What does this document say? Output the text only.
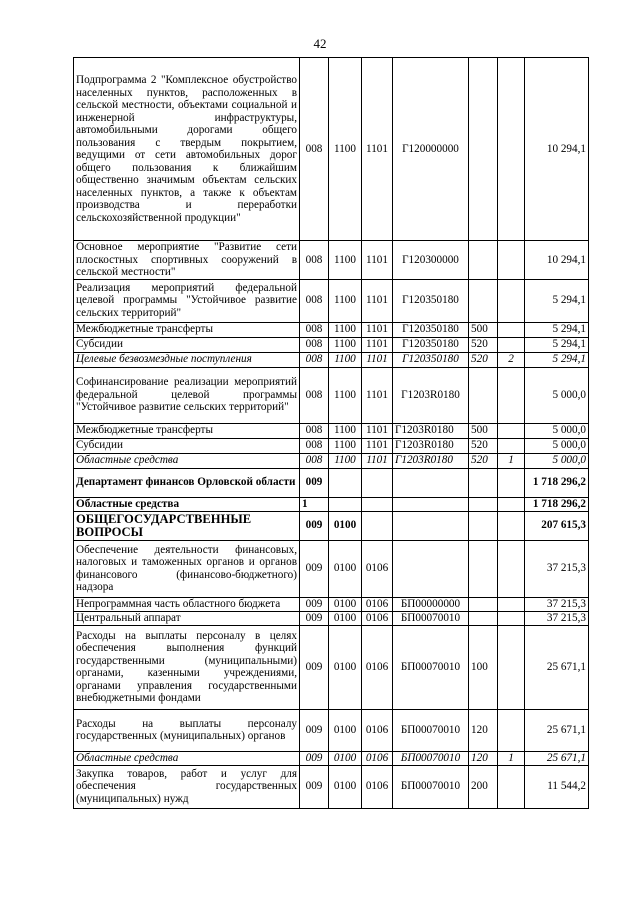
42
Подпрограмма 2 "Комплексное обустройство населенных пунктов, расположенных в сельской местности, объектами социальной и инженерной инфраструктуры, автомобильными дорогами общего пользования с твердым покрытием, ведущими от сети автомобильных дорог общего пользования к ближайшим общественно значимым объектам сельских населенных пунктов, а также к объектам производства и переработки сельскохозяйственной продукции"	008	1100	1101	Г120000000			10 294,1
Основное мероприятие "Развитие сети плоскостных спортивных сооружений в сельской местности"	008	1100	1101	Г120300000			10 294,1
Реализация мероприятий федеральной целевой программы "Устойчивое развитие сельских территорий"	008	1100	1101	Г120350180			5 294,1
Межбюджетные трансферты	008	1100	1101	Г120350180	500		5 294,1
Субсидии	008	1100	1101	Г120350180	520		5 294,1
Целевые безвозмездные поступления	008	1100	1101	Г120350180	520	2	5 294,1
Софинансирование реализации мероприятий федеральной целевой программы "Устойчивое развитие сельских территорий"	008	1100	1101	Г1203R0180			5 000,0
Межбюджетные трансферты	008	1100	1101	Г1203R0180	500		5 000,0
Субсидии	008	1100	1101	Г1203R0180	520		5 000,0
Областные средства	008	1100	1101	Г1203R0180	520	1	5 000,0
Департамент финансов Орловской области	009						1 718 296,2
Областные средства	1						1 718 296,2
ОБЩЕГОСУДАРСТВЕННЫЕ ВОПРОСЫ	009	0100					207 615,3
Обеспечение деятельности финансовых, налоговых и таможенных органов и органов финансового (финансово-бюджетного) надзора	009	0100	0106				37 215,3
Непрограммная часть областного бюджета	009	0100	0106	БП00000000			37 215,3
Центральный аппарат	009	0100	0106	БП00070010			37 215,3
Расходы на выплаты персоналу в целях обеспечения выполнения функций государственными (муниципальными) органами, казенными учреждениями, органами управления государственными внебюджетными фондами	009	0100	0106	БП00070010	100		25 671,1
Расходы на выплаты персоналу государственных (муниципальных) органов	009	0100	0106	БП00070010	120		25 671,1
Областные средства	009	0100	0106	БП00070010	120	1	25 671,1
Закупка товаров, работ и услуг для обеспечения государственных (муниципальных) нужд	009	0100	0106	БП00070010	200		11 544,2
